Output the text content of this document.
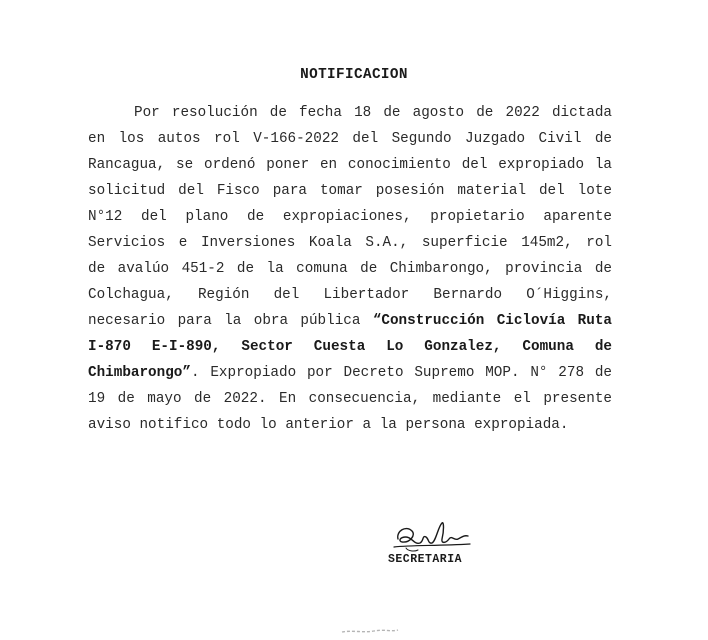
NOTIFICACION
Por resolución de fecha 18 de agosto de 2022 dictada
en los autos rol V-166-2022 del Segundo Juzgado Civil de
Rancagua, se ordenó poner en conocimiento del expropiado la
solicitud del Fisco para tomar posesión material del lote
N°12 del plano de expropiaciones, propietario aparente
Servicios e Inversiones Koala S.A., superficie 145m2, rol
de avalúo 451-2 de la comuna de Chimbarongo, provincia de
Colchagua, Región del Libertador Bernardo O´Higgins,
necesario para la obra pública “Construcción Ciclovía Ruta
I-870 E-I-890, Sector Cuesta Lo Gonzalez, Comuna de
Chimbarongo”. Expropiado por Decreto Supremo MOP. N° 278 de
19 de mayo de 2022. En consecuencia, mediante el presente
aviso notifico todo lo anterior a la persona expropiada.
SECRETARIA
